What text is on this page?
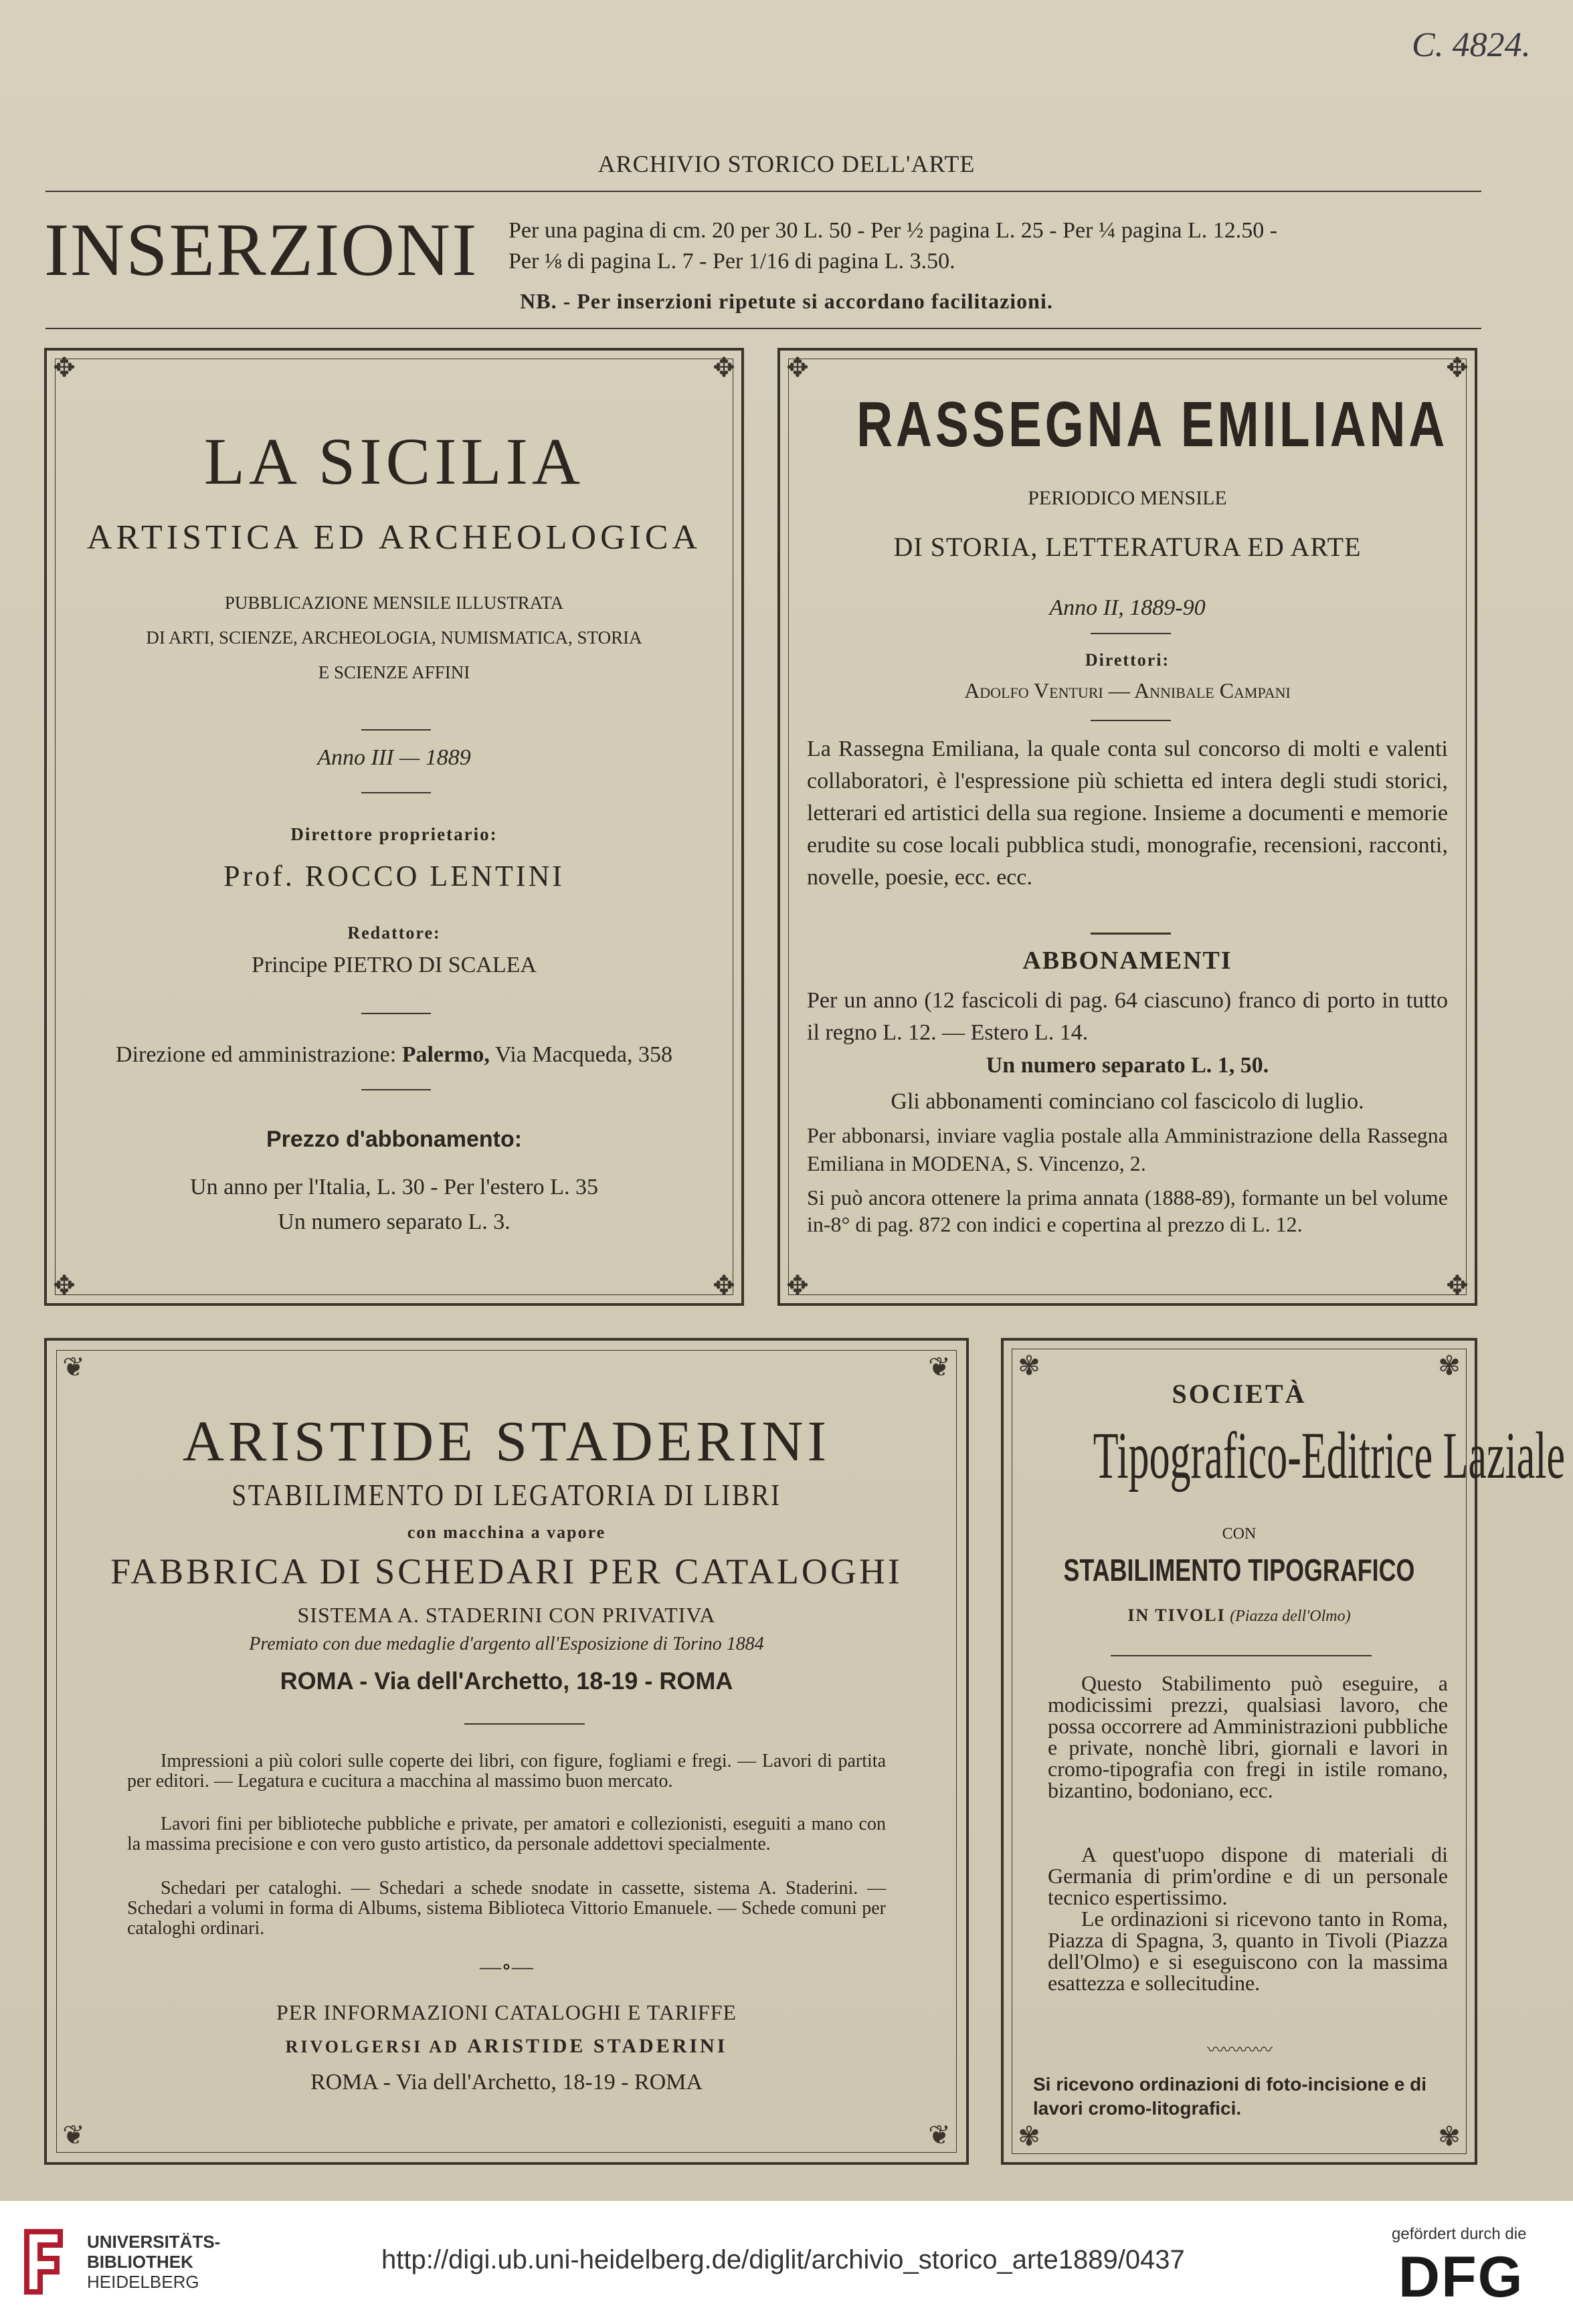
C. 4824.
ARCHIVIO STORICO DELL'ARTE
INSERZIONI Per una pagina di cm. 20 per 30 L. 50 - Per ½ pagina L. 25 - Per ¼ pagina L. 12.50 -
Per ⅛ di pagina L. 7 - Per 1/16 di pagina L. 3.50.
NB. - Per inserzioni ripetute si accordano facilitazioni.
✥	✥
✥	✥
LA SICILIA
ARTISTICA ED ARCHEOLOGICA
PUBBLICAZIONE MENSILE ILLUSTRATA
DI ARTI, SCIENZE, ARCHEOLOGIA, NUMISMATICA, STORIA
E SCIENZE AFFINI
Anno III — 1889
Direttore proprietario:
Prof. ROCCO LENTINI
Redattore:
Principe PIETRO DI SCALEA
Direzione ed amministrazione: Palermo, Via Macqueda, 358
Prezzo d'abbonamento:
Un anno per l'Italia, L. 30 - Per l'estero L. 35
Un numero separato L. 3.
✥	✥
✥	✥
RASSEGNA EMILIANA
PERIODICO MENSILE
DI STORIA, LETTERATURA ED ARTE
Anno II, 1889-90
Direttori:
Adolfo Venturi — Annibale Campani
La Rassegna Emiliana, la quale conta sul concorso di molti e valenti collaboratori, è l'espressione più schietta ed intera degli studi storici, letterari ed artistici della sua regione. Insieme a documenti e memorie erudite su cose locali pubblica studi, monografie, recensioni, racconti, novelle, poesie, ecc. ecc.
ABBONAMENTI
Per un anno (12 fascicoli di pag. 64 ciascuno) franco di porto in tutto il regno L. 12. — Estero L. 14.
Un numero separato L. 1, 50.
Gli abbonamenti cominciano col fascicolo di luglio.
Per abbonarsi, inviare vaglia postale alla Amministrazione della Rassegna Emiliana in MODENA, S. Vincenzo, 2.
Si può ancora ottenere la prima annata (1888-89), formante un bel volume in-8° di pag. 872 con indici e copertina al prezzo di L. 12.
❦	❦
❦	❦
ARISTIDE STADERINI
STABILIMENTO DI LEGATORIA DI LIBRI
con macchina a vapore
FABBRICA DI SCHEDARI PER CATALOGHI
SISTEMA A. STADERINI CON PRIVATIVA
Premiato con due medaglie d'argento all'Esposizione di Torino 1884
ROMA - Via dell'Archetto, 18-19 - ROMA
Impressioni a più colori sulle coperte dei libri, con figure, fogliami e fregi. — Lavori di partita per editori. — Legatura e cucitura a macchina al massimo buon mercato.
Lavori fini per biblioteche pubbliche e private, per amatori e collezionisti, eseguiti a mano con la massima precisione e con vero gusto artistico, da personale addettovi specialmente.
Schedari per cataloghi. — Schedari a schede snodate in cassette, sistema A. Staderini. — Schedari a volumi in forma di Albums, sistema Biblioteca Vittorio Emanuele. — Schede comuni per cataloghi ordinari.
—∘—
PER INFORMAZIONI CATALOGHI E TARIFFE
RIVOLGERSI AD ARISTIDE STADERINI
ROMA - Via dell'Archetto, 18-19 - ROMA
✾	✾
✾	✾
SOCIETÀ
Tipografico-Editrice Laziale
CON
STABILIMENTO TIPOGRAFICO
IN TIVOLI (Piazza dell'Olmo)
Questo Stabilimento può eseguire, a modicissimi prezzi, qualsiasi lavoro, che possa occorrere ad Amministrazioni pubbliche e private, nonchè libri, giornali e lavori in cromo-tipografia con fregi in istile romano, bizantino, bodoniano, ecc.
A quest'uopo dispone di materiali di Germania di prim'ordine e di un personale tecnico espertissimo.
Le ordinazioni si ricevono tanto in Roma, Piazza di Spagna, 3, quanto in Tivoli (Piazza dell'Olmo) e si eseguiscono con la massima esattezza e sollecitudine.
〰〰〰〰
Si ricevono ordinazioni di foto-incisione e di lavori cromo-litografici.
UNIVERSITÄTS-
BIBLIOTHEK
HEIDELBERG
http://digi.ub.uni-heidelberg.de/diglit/archivio_storico_arte1889/0437
gefördert durch die
DFG
